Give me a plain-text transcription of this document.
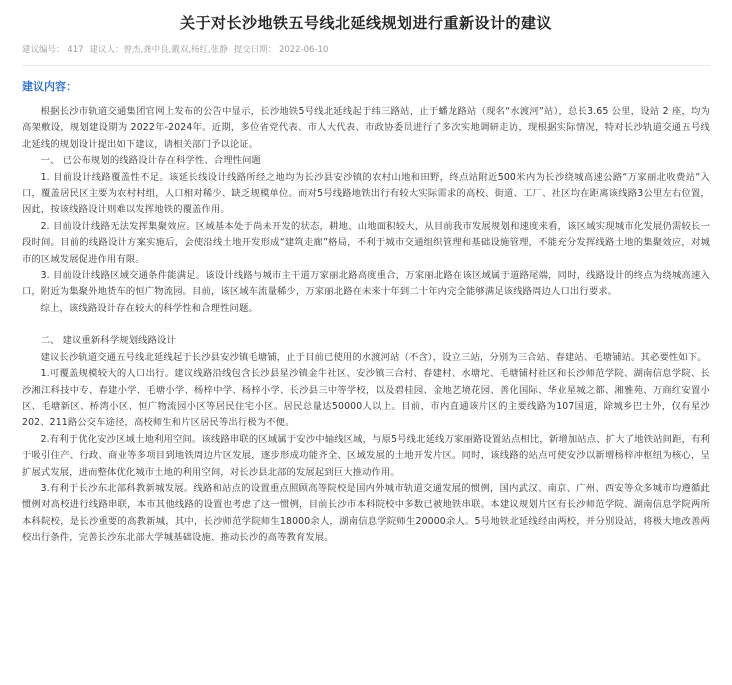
关于对长沙地铁五号线北延线规划进行重新设计的建议
建议编号： 417 建议人：曾杰,龚中良,戴双,杨红,张静 提交日期： 2022-06-10
建议内容：

根据长沙市轨道交通集团官网上发布的公告中显示，长沙地铁5号线北延线起于纬三路站，止于蟠龙路站（现名“水渡河”站），总长3.65 公里，设站 2 座，均为高架敷设，规划建设期为 2022年-2024年。近期，多位省党代表、市人大代表、市政协委员进行了多次实地调研走访，现根据实际情况，特对长沙轨道交通五号线北延线的规划设计提出如下建议，请相关部门予以论证。

一、 已公布规划的线路设计存在科学性、合理性问题

1. 目前设计线路覆盖性不足。该延长线设计线路所经之地均为长沙县安沙镇的农村山地和田野，终点站附近500米内为长沙绕城高速公路“万家丽北收费站”入口，覆盖居民区主要为农村村组，人口相对稀少、缺乏规模单位。而对5号线路地铁出行有较大实际需求的高校、街道、工厂、社区均在距离该线路3公里左右位置，因此，按该线路设计则难以发挥地铁的覆盖作用。

2. 目前设计线路无法发挥集聚效应。区域基本处于尚未开发的状态，耕地、山地面积较大，从目前我市发展规划和速度来看，该区域实现城市化发展仍需较长一段时间。目前的线路设计方案实施后，会使沿线土地开发形成“建筑走廊”格局，不利于城市交通组织管理和基础设施管理，不能充分发挥线路土地的集聚效应，对城市的区域发展促进作用有限。

3. 目前设计线路区域交通条件能满足。该设计线路与城市主干道万家丽北路高度重合，万家丽北路在该区域属于道路尾端，同时，线路设计的终点为绕城高速入口，附近为集聚外地货车的恒广物流园。目前，该区域车流量稀少，万家丽北路在未来十年到二十年内完全能够满足该线路周边人口出行要求。

综上，该线路设计存在较大的科学性和合理性问题。

二、 建议重新科学规划线路设计

建议长沙轨道交通五号线北延线起于长沙县安沙镇毛塘铺，止于目前已使用的水渡河站（不含），设立三站，分别为三合站、春建站、毛塘铺站。其必要性如下。

1.可覆盖规模较大的人口出行。建议线路沿线包含长沙县星沙镇金牛社区、安沙镇三合村、春建村、水塘坨、毛塘铺村社区和长沙师范学院、湖南信息学院、长沙湘江科技中专、春建小学、毛塘小学、杨梓中学、杨梓小学、长沙县三中等学校，以及碧桂园、金地艺境花园、善化国际、华业星城之都、湘雅苑、万商红安置小区、毛塘新区、桥湾小区、恒广物流园小区等居民住宅小区。居民总量达50000人以上。目前，市内直通该片区的主要线路为107国道，除城乡巴士外，仅有星沙202、211路公交车途径，高校师生和片区居民等出行极为不便。

2.有利于优化安沙区域土地利用空间。该线路串联的区域属于安沙中轴线区域，与原5号线北延线万家丽路设置站点相比，新增加站点、扩大了地铁站间距，有利于吸引住产、行政、商业等多项目到地铁周边片区发展，逐步形成功能齐全、区域发展的土地开发片区。同时，该线路的站点可使安沙以新增杨梓冲枢纽为核心，呈扩展式发展，进而整体优化城市土地的利用空间，对长沙县北部的发展起到巨大推动作用。

3.有利于长沙东北部科教新城发展。线路和站点的设置重点照顾高等院校是国内外城市轨道交通发展的惯例，国内武汉、南京、广州、西安等众多城市均遵循此惯例对高校进行线路串联，本市其他线路的设置也考虑了这一惯例，目前长沙市本科院校中多数已被地铁串联。本建议规划片区有长沙师范学院、湖南信息学院两所本科院校，是长沙重要的高教新城，其中，长沙师范学院师生18000余人，湖南信息学院师生20000余人。5号地铁北延线经由两校，并分别设站，将极大地改善两校出行条件，完善长沙东北部大学城基础设施、推动长沙的高等教育发展。
